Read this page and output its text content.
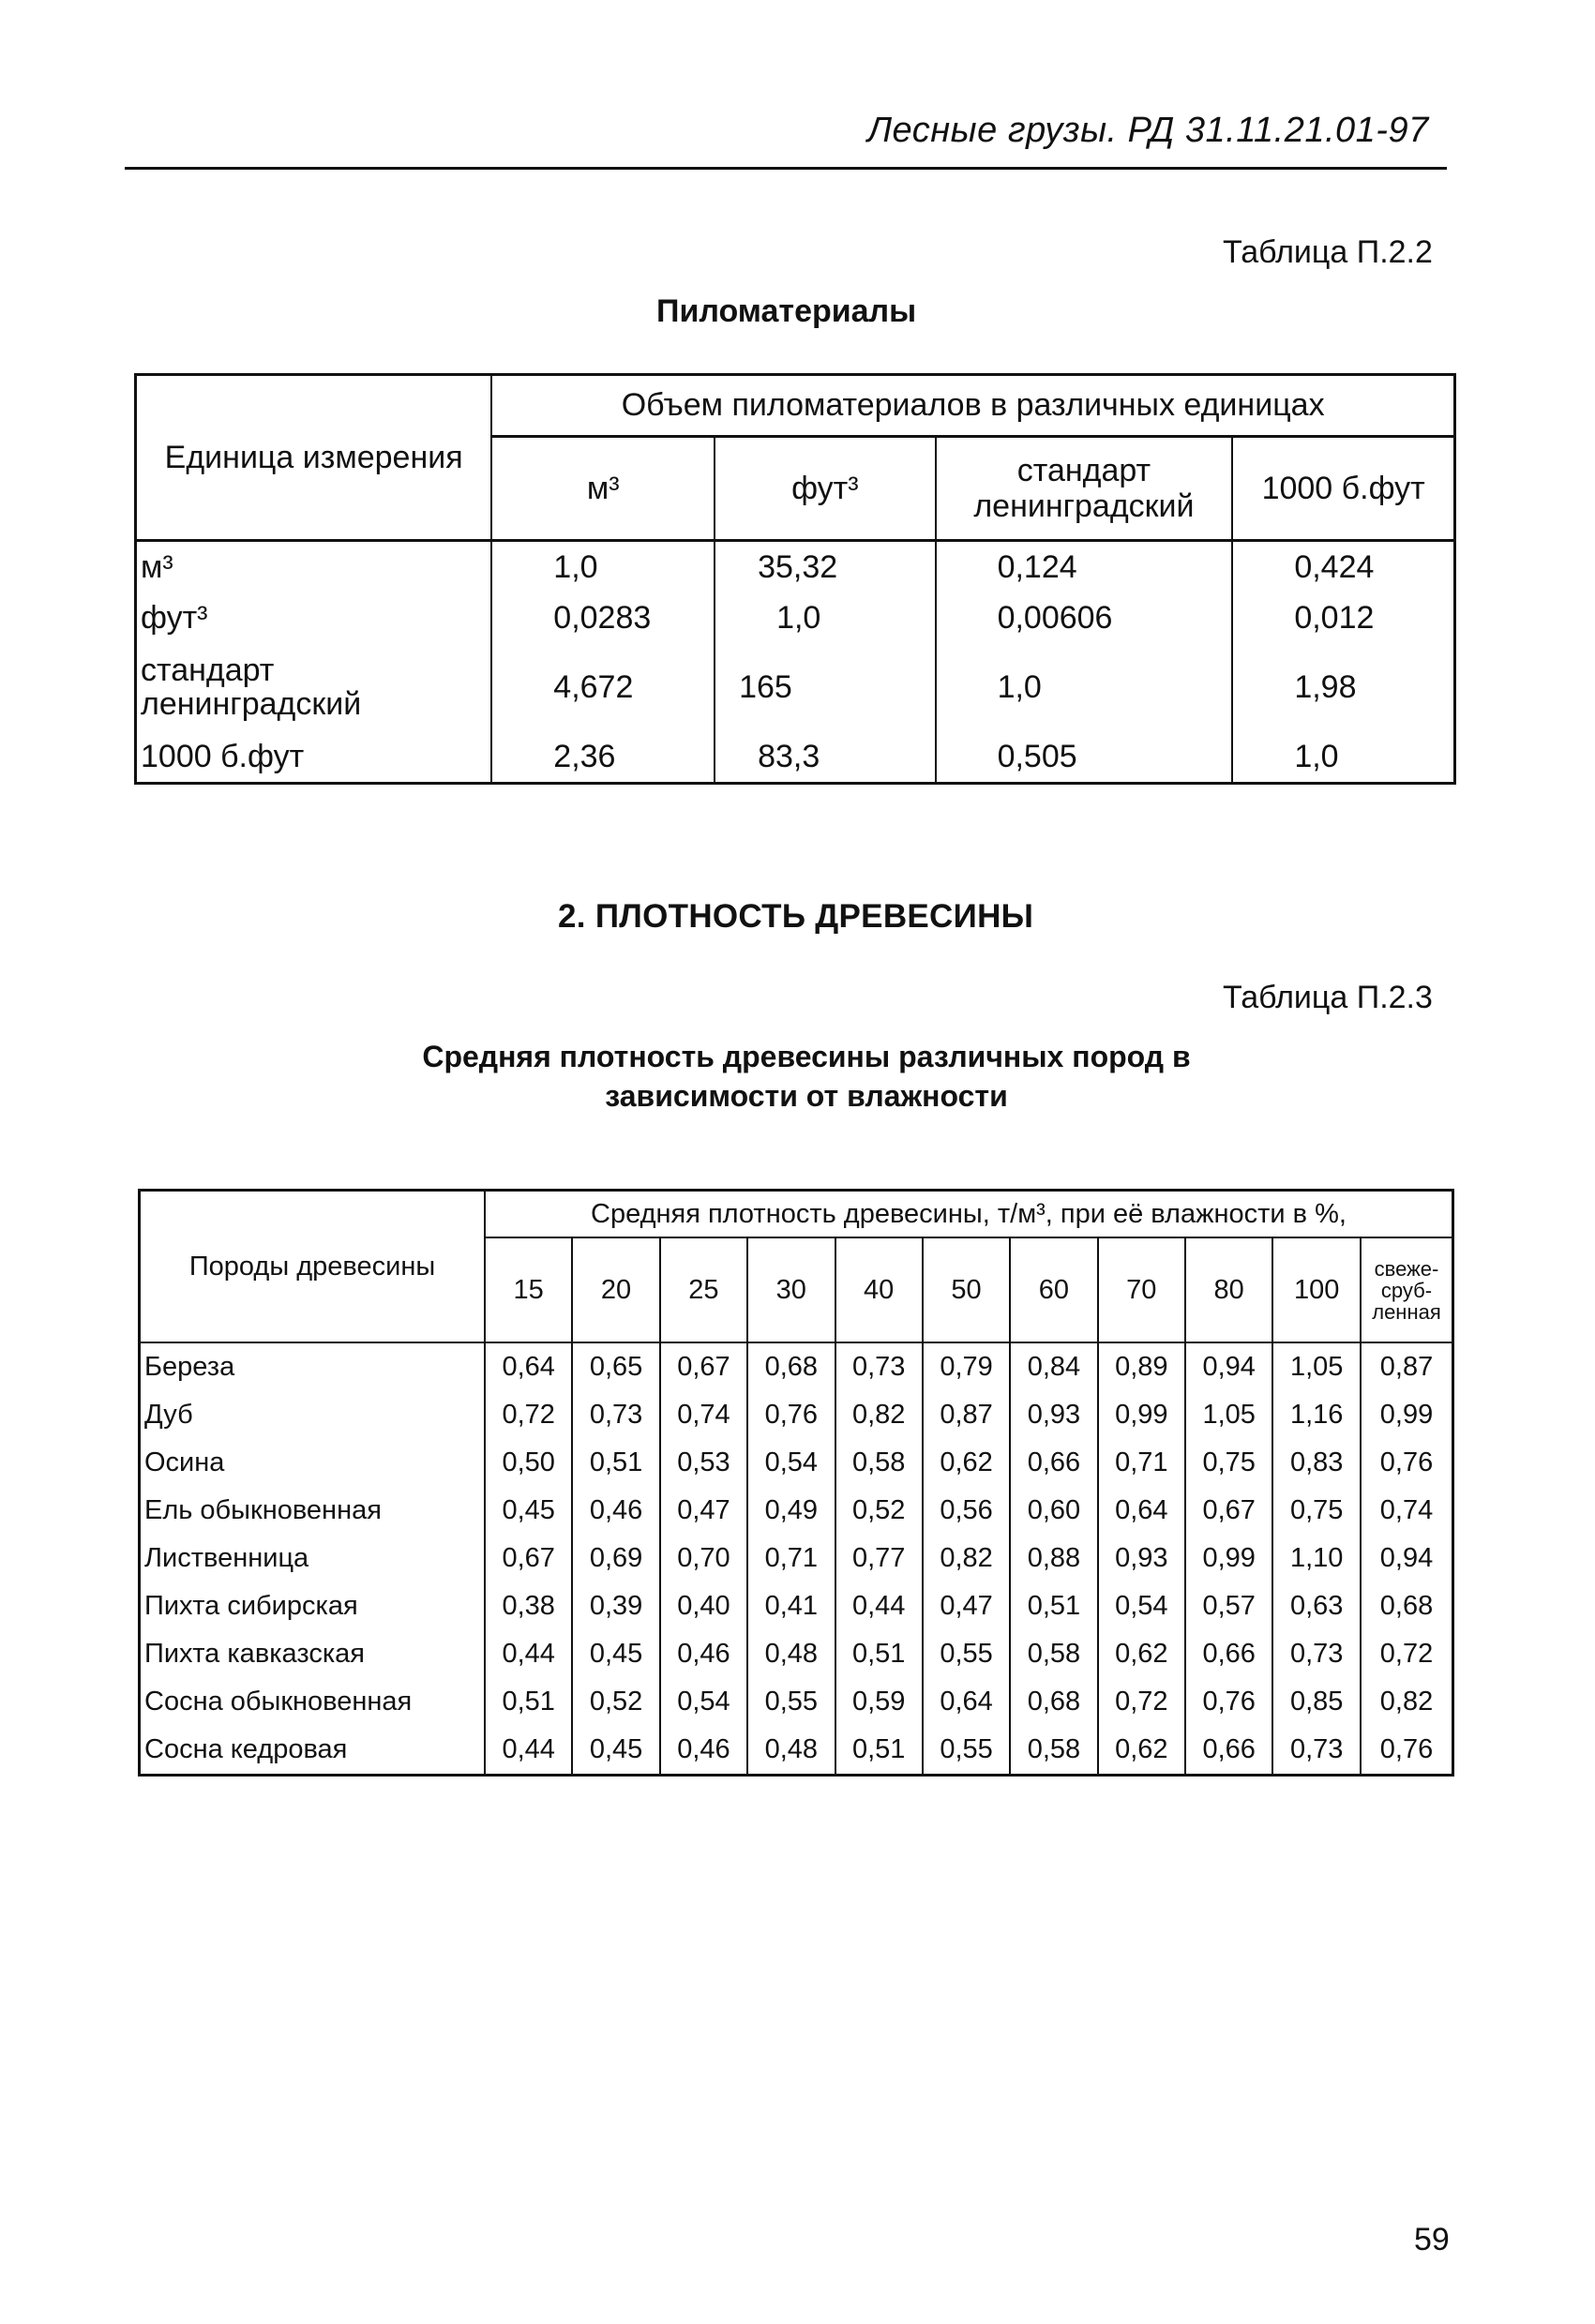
Лесные грузы. РД 31.11.21.01-97
Таблица П.2.2
Пиломатериалы
Единица измерения	Объем пиломатериалов в различных единицах			
	м³	фут³	стандарт ленинградский	1000 б.фут
м³	1,0	35,32	0,124	0,424
фут³	0,0283	1,0	0,00606	0,012
стандарт ленинградский	4,672	165	1,0	1,98
1000 б.фут	2,36	83,3	0,505	1,0
2. ПЛОТНОСТЬ ДРЕВЕСИНЫ
Таблица П.2.3
Средняя плотность древесины различных пород в зависимости от влажности
Породы древесины	Средняя плотность древесины, т/м³, при её влажности в %,										
	15	20	25	30	40	50	60	70	80	100	свеже-сруб-ленная
Береза	0,64	0,65	0,67	0,68	0,73	0,79	0,84	0,89	0,94	1,05	0,87
Дуб	0,72	0,73	0,74	0,76	0,82	0,87	0,93	0,99	1,05	1,16	0,99
Осина	0,50	0,51	0,53	0,54	0,58	0,62	0,66	0,71	0,75	0,83	0,76
Ель обыкновенная	0,45	0,46	0,47	0,49	0,52	0,56	0,60	0,64	0,67	0,75	0,74
Лиственница	0,67	0,69	0,70	0,71	0,77	0,82	0,88	0,93	0,99	1,10	0,94
Пихта сибирская	0,38	0,39	0,40	0,41	0,44	0,47	0,51	0,54	0,57	0,63	0,68
Пихта кавказская	0,44	0,45	0,46	0,48	0,51	0,55	0,58	0,62	0,66	0,73	0,72
Сосна обыкновенная	0,51	0,52	0,54	0,55	0,59	0,64	0,68	0,72	0,76	0,85	0,82
Сосна кедровая	0,44	0,45	0,46	0,48	0,51	0,55	0,58	0,62	0,66	0,73	0,76
59
